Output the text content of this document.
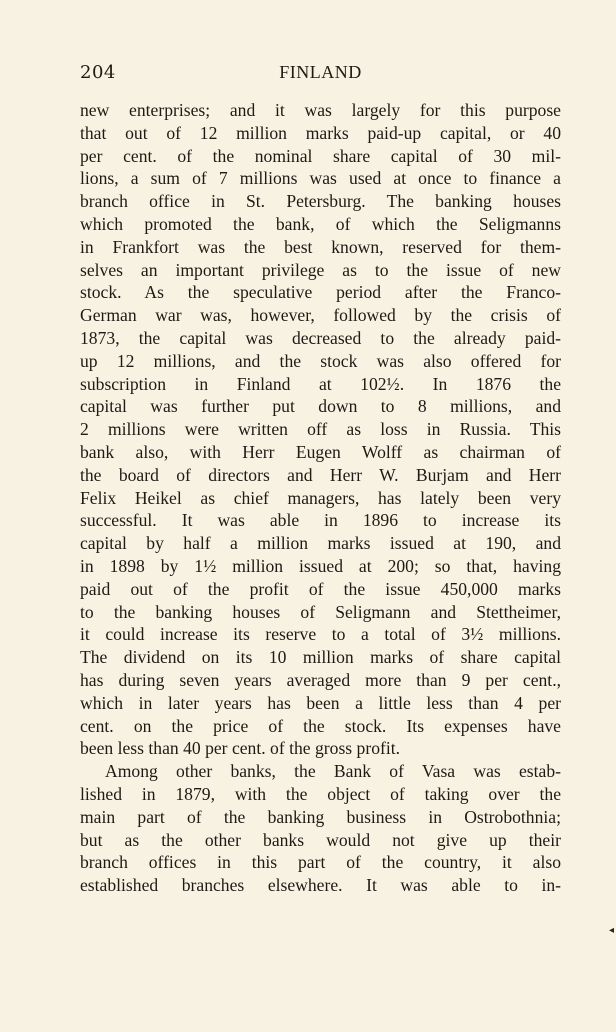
204	FINLAND
new enterprises; and it was largely for this purpose
that out of 12 million marks paid-up capital, or 40
per cent. of the nominal share capital of 30 mil-
lions, a sum of 7 millions was used at once to finance a
branch office in St. Petersburg. The banking houses
which promoted the bank, of which the Seligmanns
in Frankfort was the best known, reserved for them-
selves an important privilege as to the issue of new
stock. As the speculative period after the Franco-
German war was, however, followed by the crisis of
1873, the capital was decreased to the already paid-
up 12 millions, and the stock was also offered for
subscription in Finland at 102½. In 1876 the
capital was further put down to 8 millions, and
2 millions were written off as loss in Russia. This
bank also, with Herr Eugen Wolff as chairman of
the board of directors and Herr W. Burjam and Herr
Felix Heikel as chief managers, has lately been very
successful. It was able in 1896 to increase its
capital by half a million marks issued at 190, and
in 1898 by 1½ million issued at 200; so that, having
paid out of the profit of the issue 450,000 marks
to the banking houses of Seligmann and Stettheimer,
it could increase its reserve to a total of 3½ millions.
The dividend on its 10 million marks of share capital
has during seven years averaged more than 9 per cent.,
which in later years has been a little less than 4 per
cent. on the price of the stock. Its expenses have
been less than 40 per cent. of the gross profit.
Among other banks, the Bank of Vasa was estab-
lished in 1879, with the object of taking over the
main part of the banking business in Ostrobothnia;
but as the other banks would not give up their
branch offices in this part of the country, it also
established branches elsewhere. It was able to in-
◂
